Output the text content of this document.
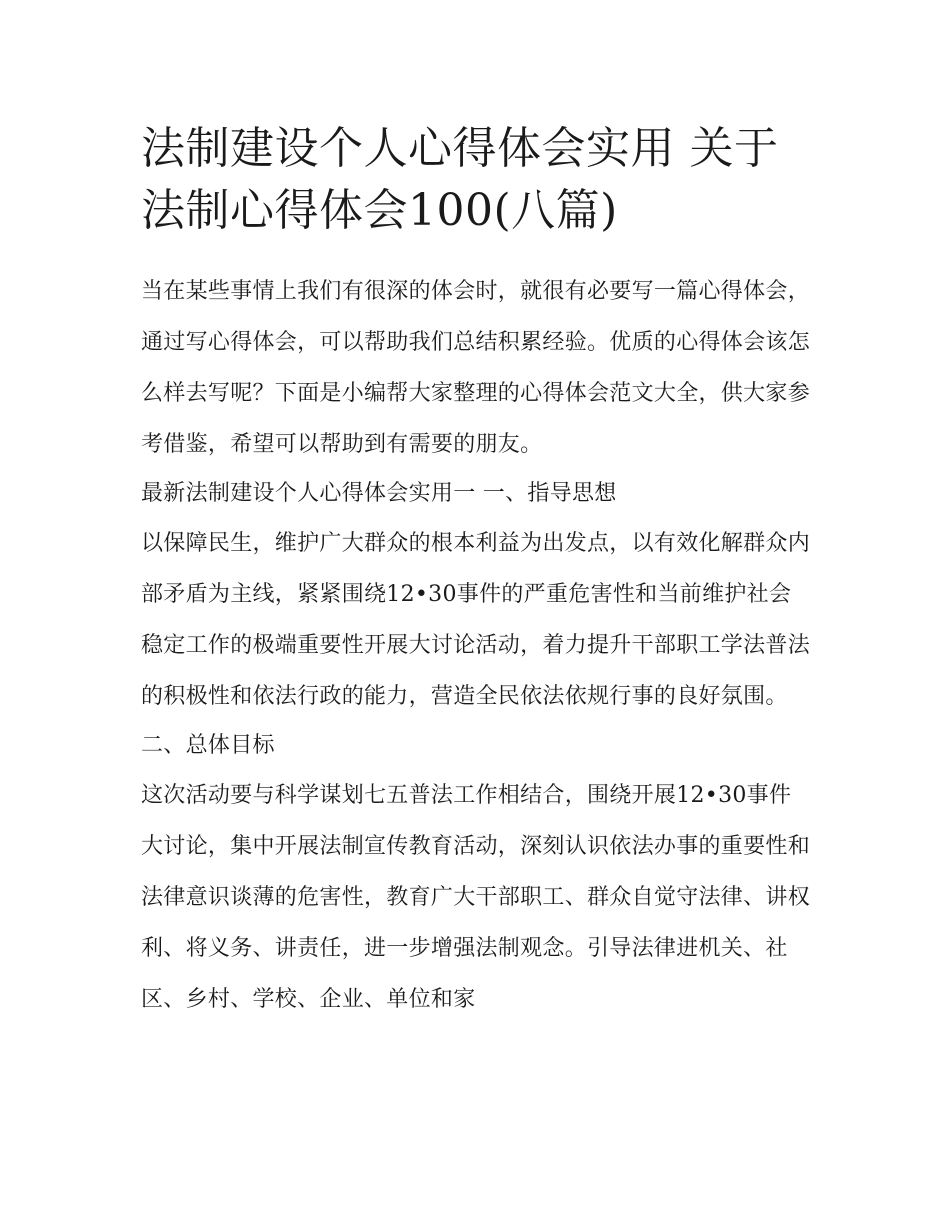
法制建设个人心得体会实用 关于法制心得体会100(八篇)

当在某些事情上我们有很深的体会时，就很有必要写一篇心得体会，通过写心得体会，可以帮助我们总结积累经验。优质的心得体会该怎么样去写呢？下面是小编帮大家整理的心得体会范文大全，供大家参考借鉴，希望可以帮助到有需要的朋友。

最新法制建设个人心得体会实用一 一、指导思想

以保障民生，维护广大群众的根本利益为出发点，以有效化解群众内部矛盾为主线，紧紧围绕12•30事件的严重危害性和当前维护社会稳定工作的极端重要性开展大讨论活动，着力提升干部职工学法普法的积极性和依法行政的能力，营造全民依法依规行事的良好氛围。

二、总体目标

这次活动要与科学谋划七五普法工作相结合，围绕开展12•30事件大讨论，集中开展法制宣传教育活动，深刻认识依法办事的重要性和法律意识谈薄的危害性，教育广大干部职工、群众自觉守法律、讲权利、将义务、讲责任，进一步增强法制观念。引导法律进机关、社区、乡村、学校、企业、单位和家
